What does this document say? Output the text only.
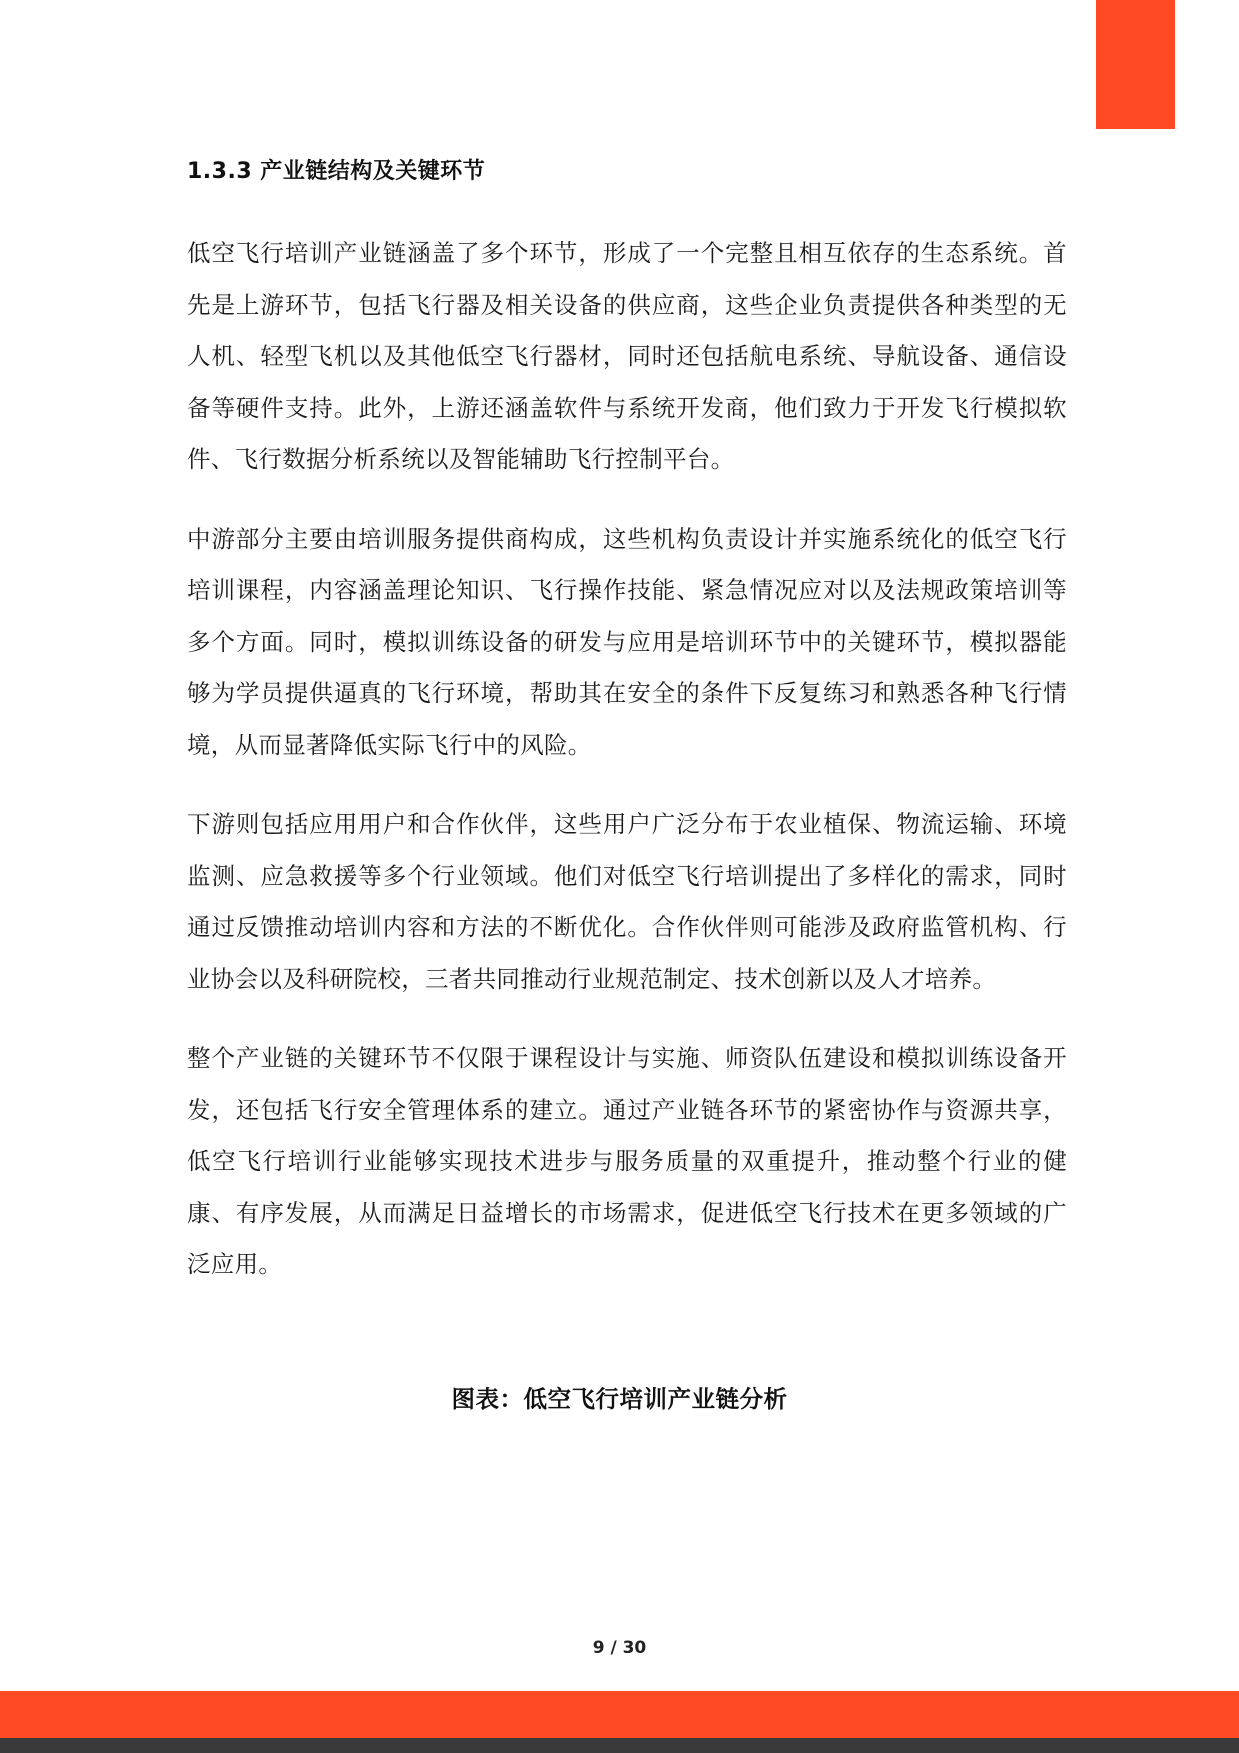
1.3.3 产业链结构及关键环节

低空飞行培训产业链涵盖了多个环节，形成了一个完整且相互依存的生态系统。首先是上游环节，包括飞行器及相关设备的供应商，这些企业负责提供各种类型的无人机、轻型飞机以及其他低空飞行器材，同时还包括航电系统、导航设备、通信设备等硬件支持。此外，上游还涵盖软件与系统开发商，他们致力于开发飞行模拟软件、飞行数据分析系统以及智能辅助飞行控制平台。

中游部分主要由培训服务提供商构成，这些机构负责设计并实施系统化的低空飞行培训课程，内容涵盖理论知识、飞行操作技能、紧急情况应对以及法规政策培训等多个方面。同时，模拟训练设备的研发与应用是培训环节中的关键环节，模拟器能够为学员提供逼真的飞行环境，帮助其在安全的条件下反复练习和熟悉各种飞行情境，从而显著降低实际飞行中的风险。

下游则包括应用用户和合作伙伴，这些用户广泛分布于农业植保、物流运输、环境监测、应急救援等多个行业领域。他们对低空飞行培训提出了多样化的需求，同时通过反馈推动培训内容和方法的不断优化。合作伙伴则可能涉及政府监管机构、行业协会以及科研院校，三者共同推动行业规范制定、技术创新以及人才培养。

整个产业链的关键环节不仅限于课程设计与实施、师资队伍建设和模拟训练设备开发，还包括飞行安全管理体系的建立。通过产业链各环节的紧密协作与资源共享，低空飞行培训行业能够实现技术进步与服务质量的双重提升，推动整个行业的健康、有序发展，从而满足日益增长的市场需求，促进低空飞行技术在更多领域的广泛应用。

图表：低空飞行培训产业链分析
9 / 30
